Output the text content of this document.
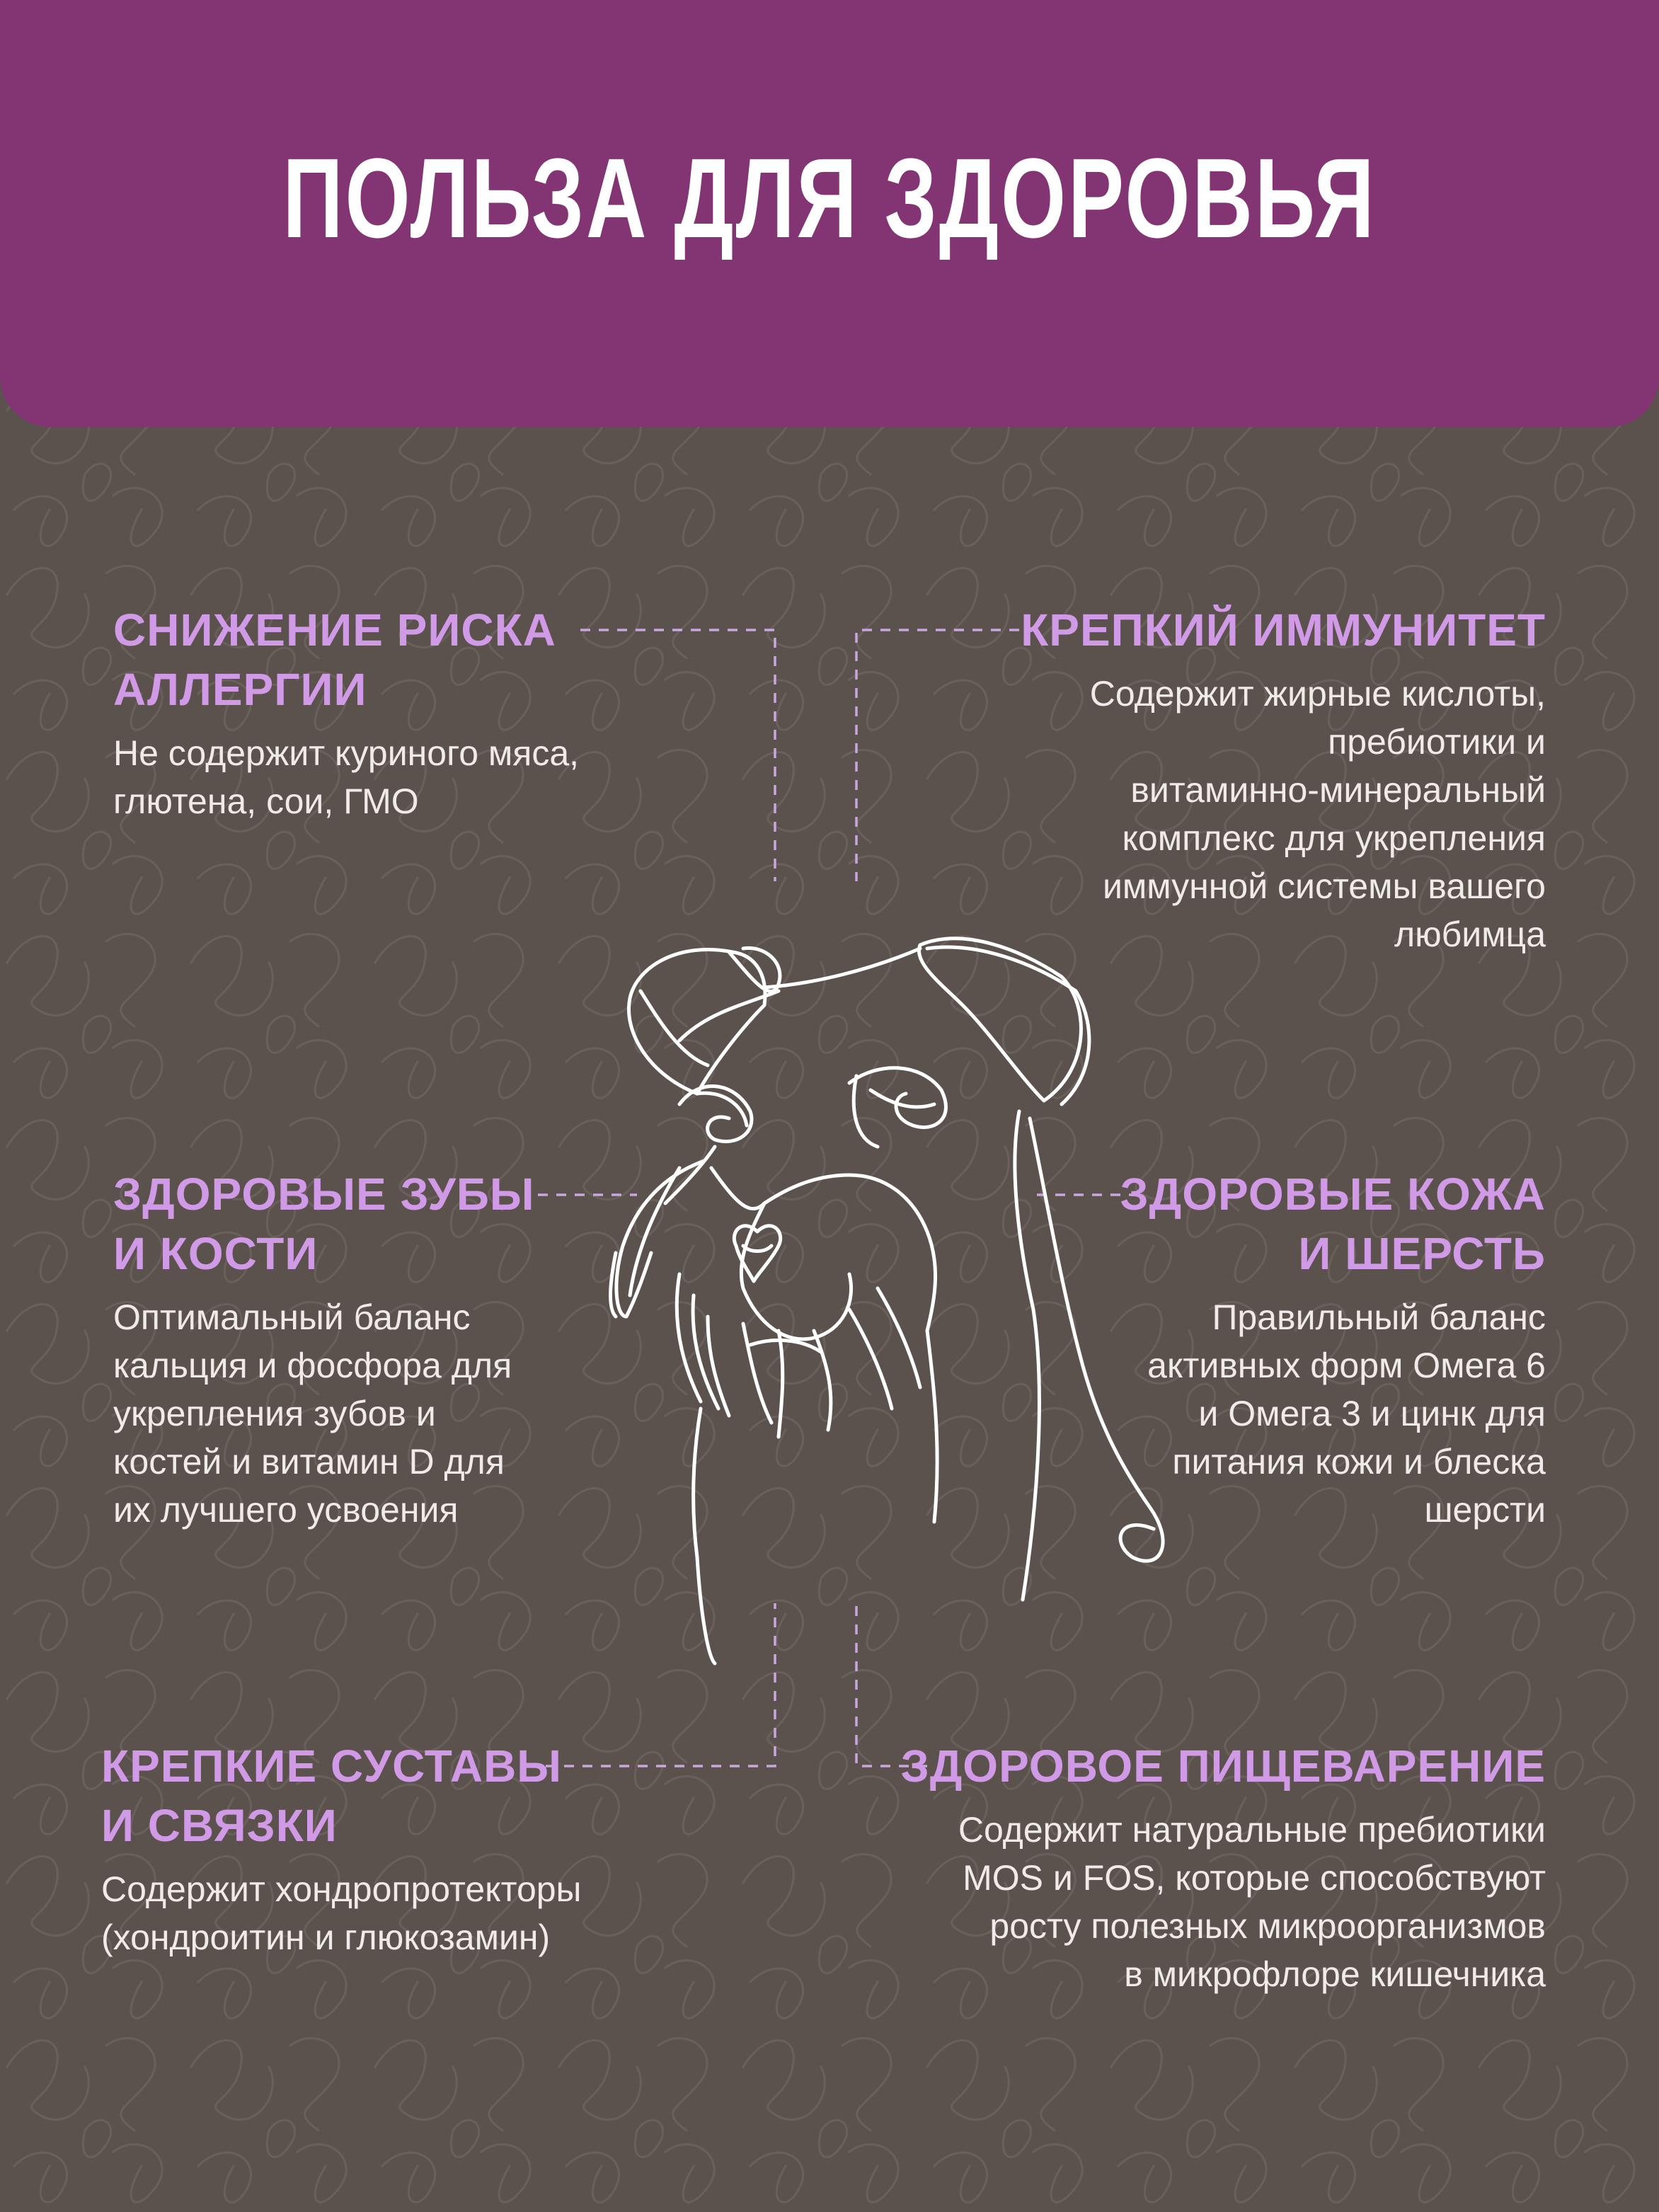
ПОЛЬЗА ДЛЯ ЗДОРОВЬЯ
СНИЖЕНИЕ РИСКА
АЛЛЕРГИИ
Не содержит куриного мяса,
глютена, сои, ГМО
КРЕПКИЙ ИММУНИТЕТ
Содержит жирные кислоты,
пребиотики и
витаминно-минеральный
комплекс для укрепления
иммунной системы вашего
любимца
ЗДОРОВЫЕ ЗУБЫ
И КОСТИ
Оптимальный баланс
кальция и фосфора для
укрепления зубов и
костей и витамин D для
их лучшего усвоения
ЗДОРОВЫЕ КОЖА
И ШЕРСТЬ
Правильный баланс
активных форм Омега 6
и Омега 3 и цинк для
питания кожи и блеска
шерсти
КРЕПКИЕ СУСТАВЫ
И СВЯЗКИ
Содержит хондропротекторы
(хондроитин и глюкозамин)
ЗДОРОВОЕ ПИЩЕВАРЕНИЕ
Содержит натуральные пребиотики
MOS и FOS, которые способствуют
росту полезных микроорганизмов
в микрофлоре кишечника
